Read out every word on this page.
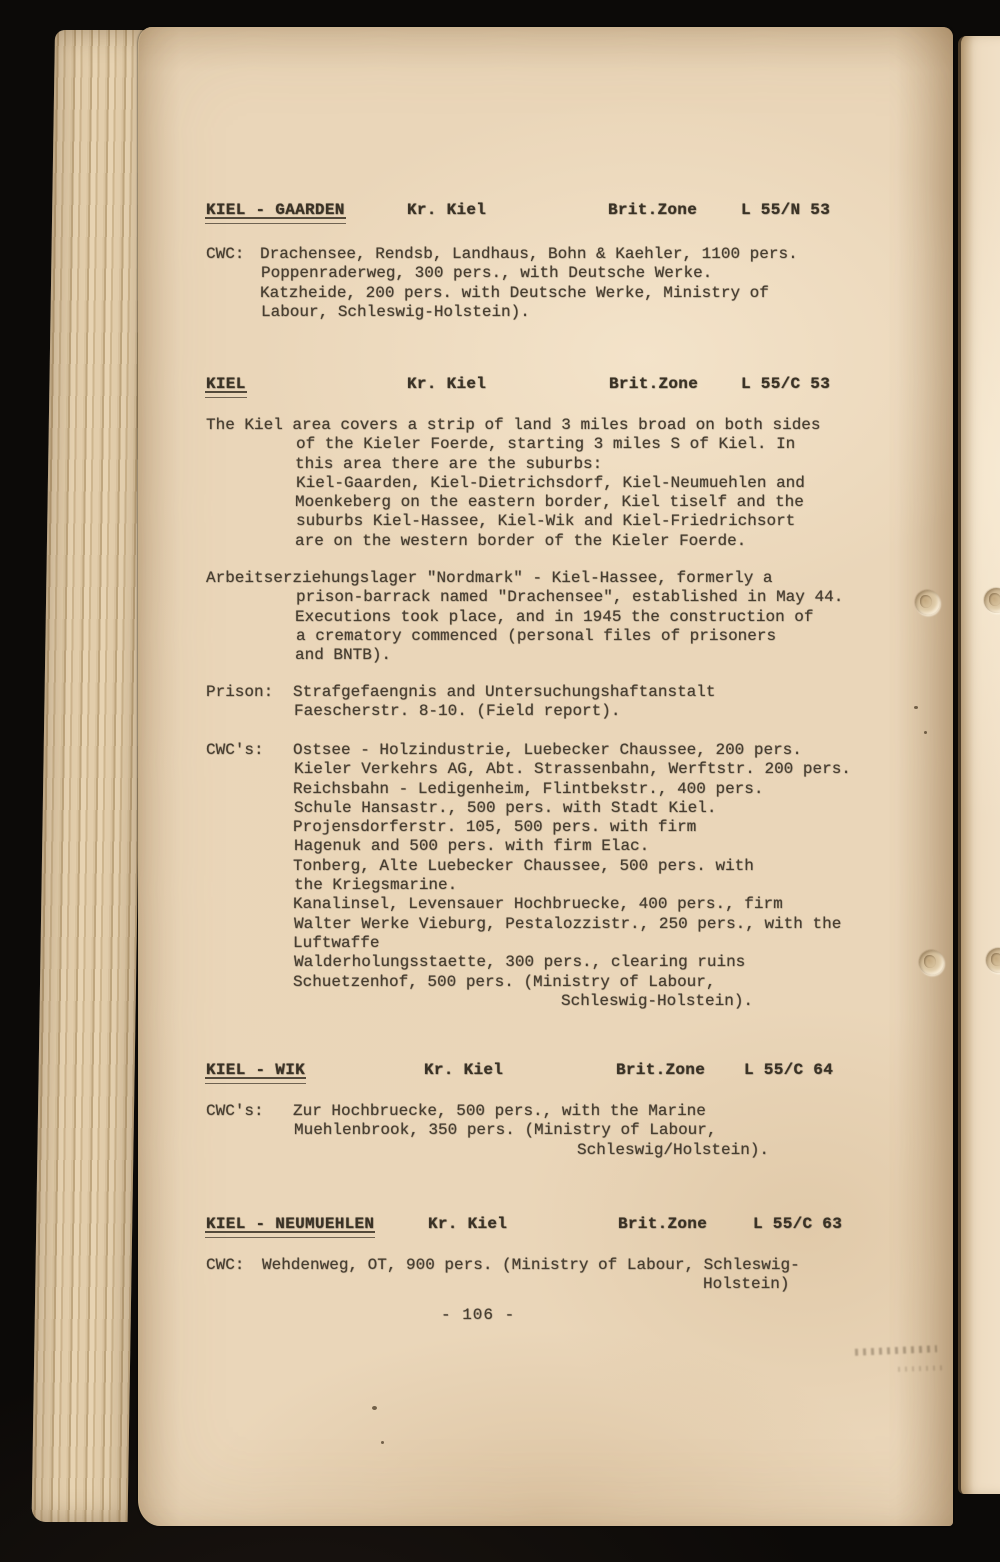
KIEL - GAARDEN	Kr. Kiel	Brit.Zone	L 55/N 53
CWC: Drachensee, Rendsb, Landhaus, Bohn & Kaehler, 1100 pers.
Poppenraderweg, 300 pers., with Deutsche Werke.
Katzheide, 200 pers. with Deutsche Werke, Ministry of
Labour, Schleswig-Holstein).
KIEL	Kr. Kiel	Brit.Zone	L 55/C 53
The Kiel area covers a strip of land 3 miles broad on both sides
of the Kieler Foerde, starting 3 miles S of Kiel. In
this area there are the suburbs:
Kiel-Gaarden, Kiel-Dietrichsdorf, Kiel-Neumuehlen and
Moenkeberg on the eastern border, Kiel tiself and the
suburbs Kiel-Hassee, Kiel-Wik and Kiel-Friedrichsort
are on the western border of the Kieler Foerde.
Arbeitserziehungslager "Nordmark" - Kiel-Hassee, formerly a
prison-barrack named "Drachensee", established in May 44.
Executions took place, and in 1945 the construction of
a crematory commenced (personal files of prisoners
and BNTB).
Prison: Strafgefaengnis and Untersuchungshaftanstalt
Faescherstr. 8-10. (Field report).
CWC's: Ostsee - Holzindustrie, Luebecker Chaussee, 200 pers.
Kieler Verkehrs AG, Abt. Strassenbahn, Werftstr. 200 pers.
Reichsbahn - Ledigenheim, Flintbekstr., 400 pers.
Schule Hansastr., 500 pers. with Stadt Kiel.
Projensdorferstr. 105, 500 pers. with firm
Hagenuk and 500 pers. with firm Elac.
Tonberg, Alte Luebecker Chaussee, 500 pers. with
the Kriegsmarine.
Kanalinsel, Levensauer Hochbruecke, 400 pers., firm
Walter Werke Vieburg, Pestalozzistr., 250 pers., with the
Luftwaffe
Walderholungsstaette, 300 pers., clearing ruins
Schuetzenhof, 500 pers. (Ministry of Labour,
Schleswig-Holstein).
KIEL - WIK	Kr. Kiel	Brit.Zone L 55/C 64
CWC's: Zur Hochbruecke, 500 pers., with the Marine
Muehlenbrook, 350 pers. (Ministry of Labour,
Schleswig/Holstein).
KIEL - NEUMUEHLEN	Kr. Kiel	Brit.Zone	L 55/C 63
CWC: Wehdenweg, OT, 900 pers. (Ministry of Labour, Schleswig-
Holstein)
- 106 -
